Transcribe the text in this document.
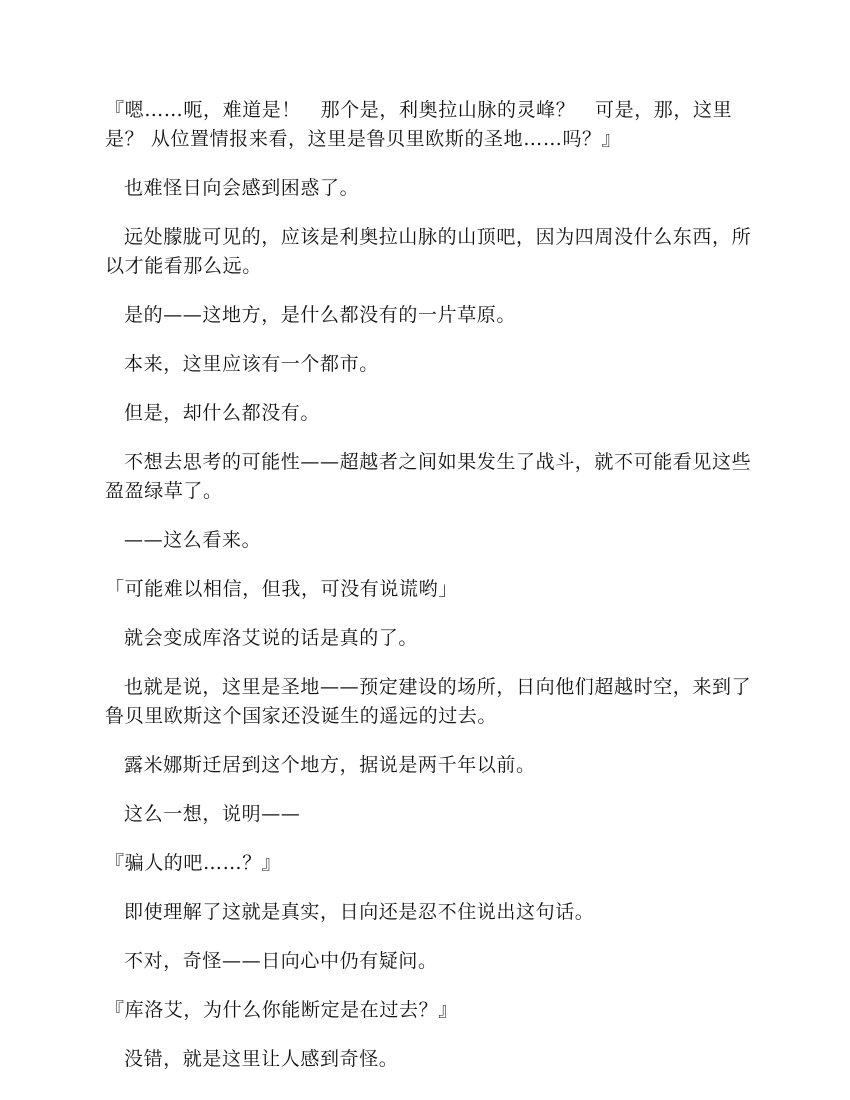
『嗯……呃，难道是！　那个是，利奥拉山脉的灵峰？　可是，那，这里是？ 从位置情报来看，这里是鲁贝里欧斯的圣地……吗？』

也难怪日向会感到困惑了。

远处朦胧可见的，应该是利奥拉山脉的山顶吧，因为四周没什么东西，所以才能看那么远。

是的——这地方，是什么都没有的一片草原。

本来，这里应该有一个都市。

但是，却什么都没有。

不想去思考的可能性——超越者之间如果发生了战斗，就不可能看见这些盈盈绿草了。

——这么看来。

「可能难以相信，但我，可没有说谎哟」

就会变成库洛艾说的话是真的了。

也就是说，这里是圣地——预定建设的场所，日向他们超越时空，来到了鲁贝里欧斯这个国家还没诞生的遥远的过去。

露米娜斯迁居到这个地方，据说是两千年以前。

这么一想，说明——

『骗人的吧……？』

即使理解了这就是真实，日向还是忍不住说出这句话。

不对，奇怪——日向心中仍有疑问。

『库洛艾，为什么你能断定是在过去？』

没错，就是这里让人感到奇怪。
